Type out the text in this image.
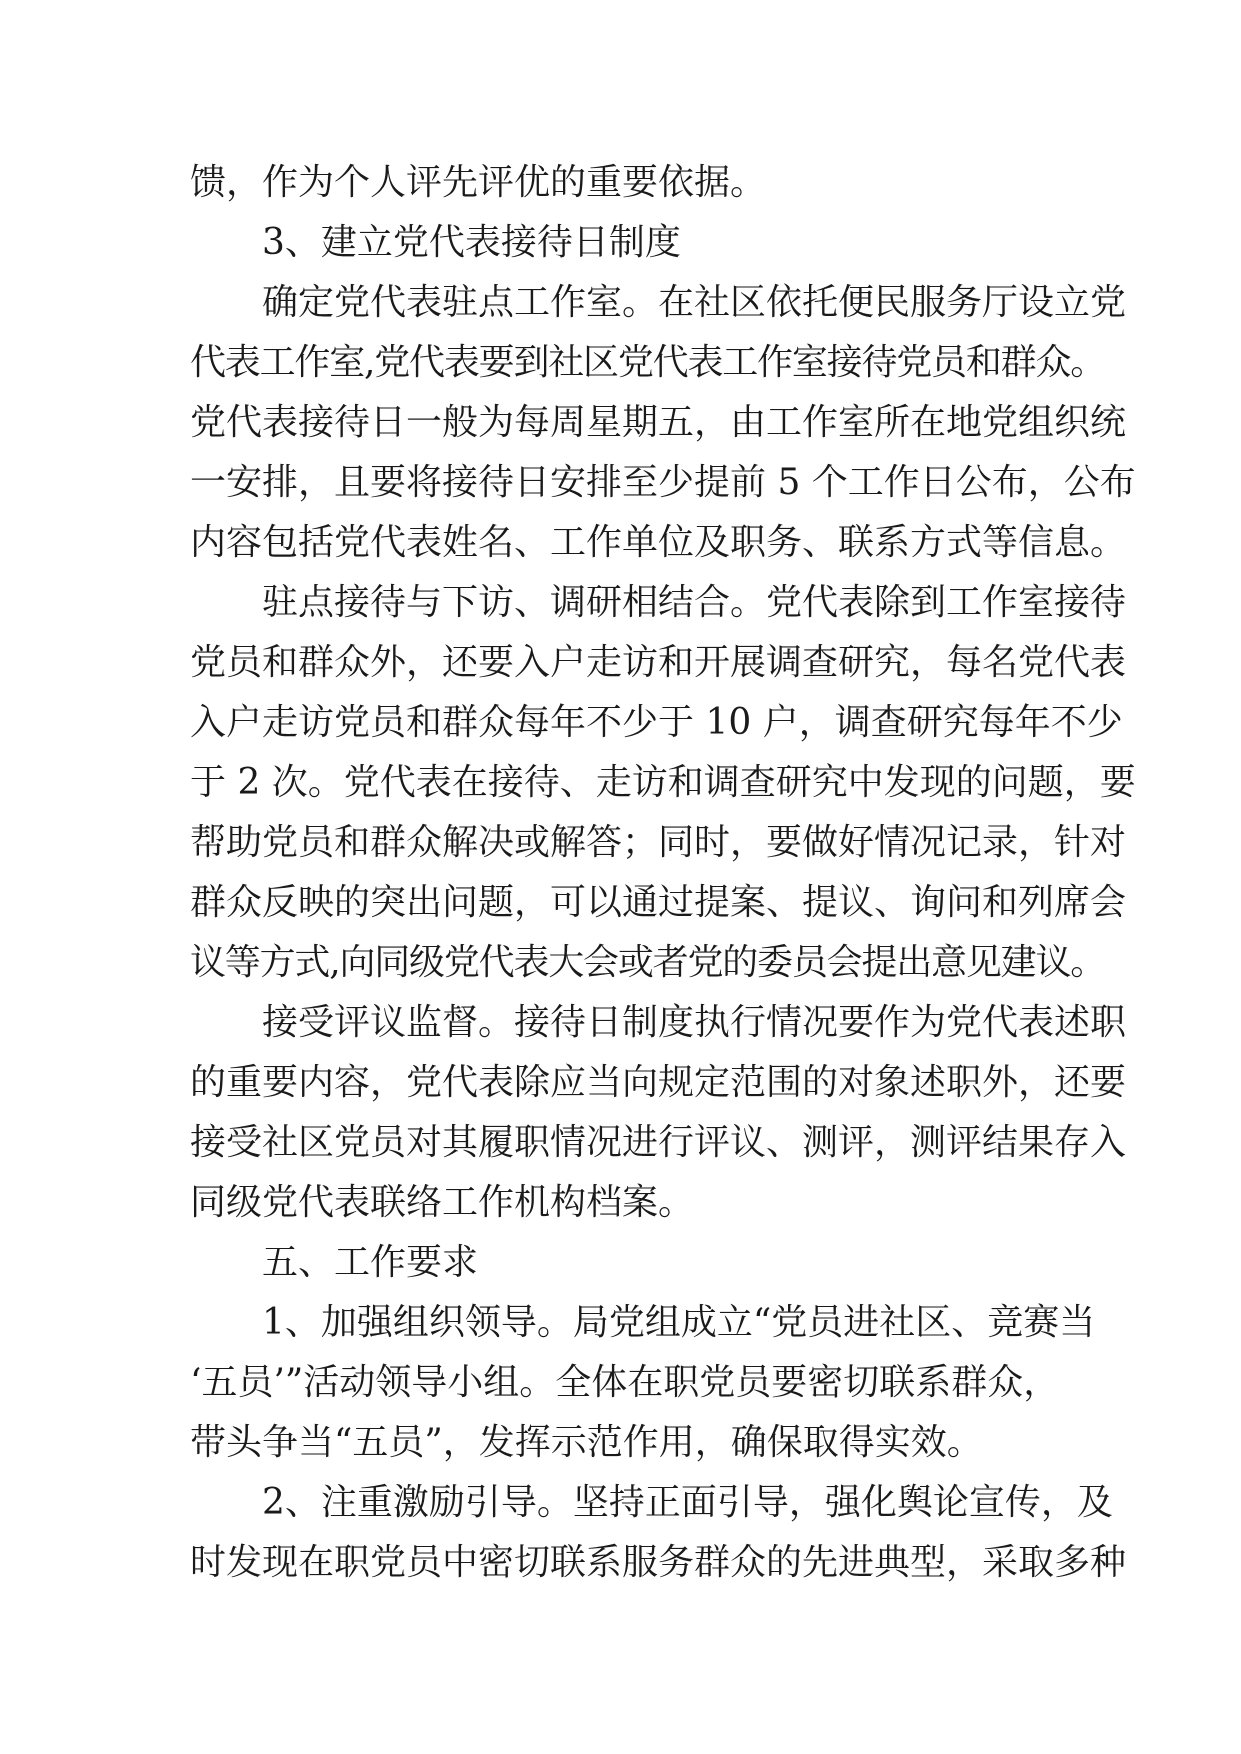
馈，作为个人评先评优的重要依据。
　　3、建立党代表接待日制度
　　确定党代表驻点工作室。在社区依托便民服务厅设立党
代表工作室,党代表要到社区党代表工作室接待党员和群众。
党代表接待日一般为每周星期五，由工作室所在地党组织统
一安排，且要将接待日安排至少提前 5 个工作日公布，公布
内容包括党代表姓名、工作单位及职务、联系方式等信息。
　　驻点接待与下访、调研相结合。党代表除到工作室接待
党员和群众外，还要入户走访和开展调查研究，每名党代表
入户走访党员和群众每年不少于 10 户，调查研究每年不少
于 2 次。党代表在接待、走访和调查研究中发现的问题，要
帮助党员和群众解决或解答；同时，要做好情况记录，针对
群众反映的突出问题，可以通过提案、提议、询问和列席会
议等方式,向同级党代表大会或者党的委员会提出意见建议。
　　接受评议监督。接待日制度执行情况要作为党代表述职
的重要内容，党代表除应当向规定范围的对象述职外，还要
接受社区党员对其履职情况进行评议、测评，测评结果存入
同级党代表联络工作机构档案。
　　五、工作要求
　　1、加强组织领导。局党组成立“党员进社区、竞赛当
‘五员’”活动领导小组。全体在职党员要密切联系群众，
带头争当“五员”，发挥示范作用，确保取得实效。
　　2、注重激励引导。坚持正面引导，强化舆论宣传，及
时发现在职党员中密切联系服务群众的先进典型，采取多种
